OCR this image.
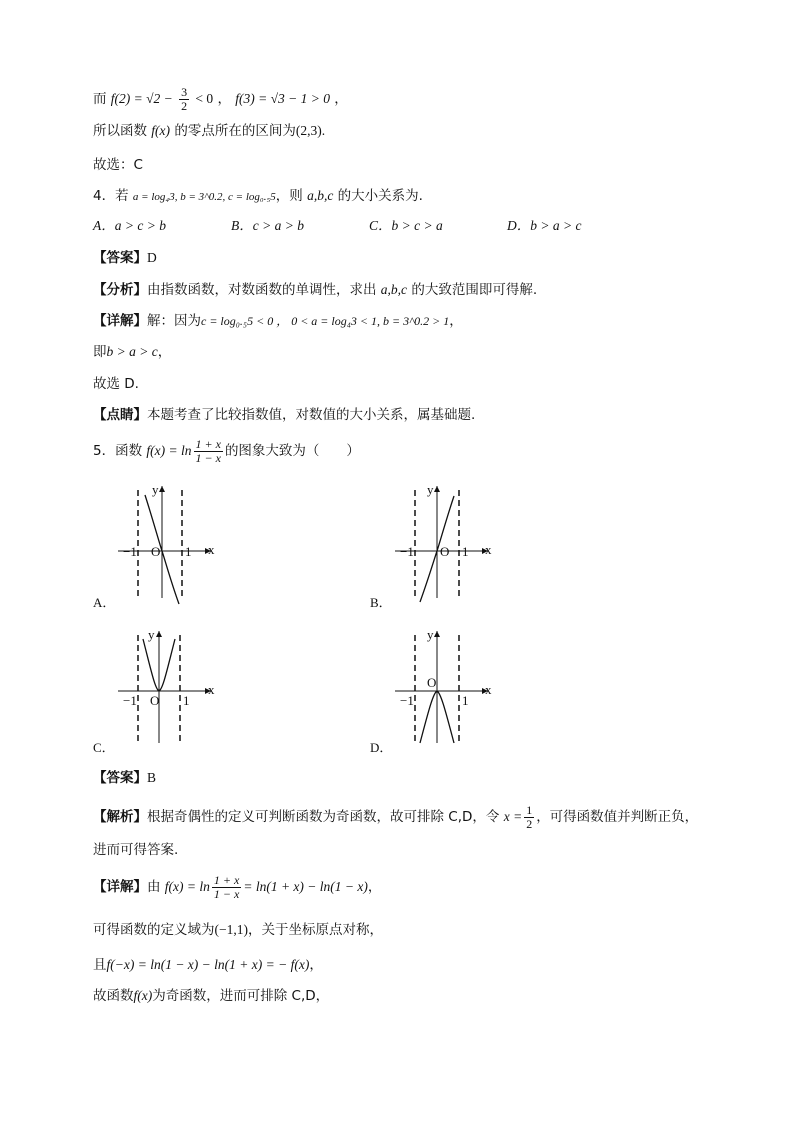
而 $f(2) = √2 - \frac{3}{2} < 0$ ， f(3) = √3 − 1 > 0 ，
所以函数 f(x) 的零点所在的区间为(2,3).
故选：C
4．若 a = log₄3, b = 3^0.2, c = log₀.₅5，则 a,b,c 的大小关系为.
A．a > c > b	B．c > a > b	C．b > c > a	D．b > a > c
【答案】D
【分析】由指数函数，对数函数的单调性，求出 a,b,c 的大致范围即可得解.
【详解】解：因为c = log₀.₅5 < 0 ， 0 < a = log₄3 < 1, b = 3^0.2 > 1，
即b > a > c，
故选 D.
【点睛】本题考查了比较指数值，对数值的大小关系，属基础题.
5．函数 $f(x) = \ln \frac{1 + x}{1 - x}$ 的图象大致为（　　）
y
x
O
−1	1
A．
y
x
O
−1	1
B．
y
x
O
−1	1
C．
y
x
O
−1	1
D．
【答案】B
【解析】根据奇偶性的定义可判断函数为奇函数，故可排除 C,D，令 $x = \frac{1}{2}$ ，可得函数值并判断正负，
进而可得答案.
【详解】由 $f(x) = \ln \frac{1 + x}{1 - x} = \ln(1 + x) - \ln(1 - x)$，
可得函数的定义域为(−1,1)，关于坐标原点对称，
且f(−x) = ln(1 − x) − ln(1 + x) = − f(x)，
故函数f(x)为奇函数，进而可排除 C,D，
